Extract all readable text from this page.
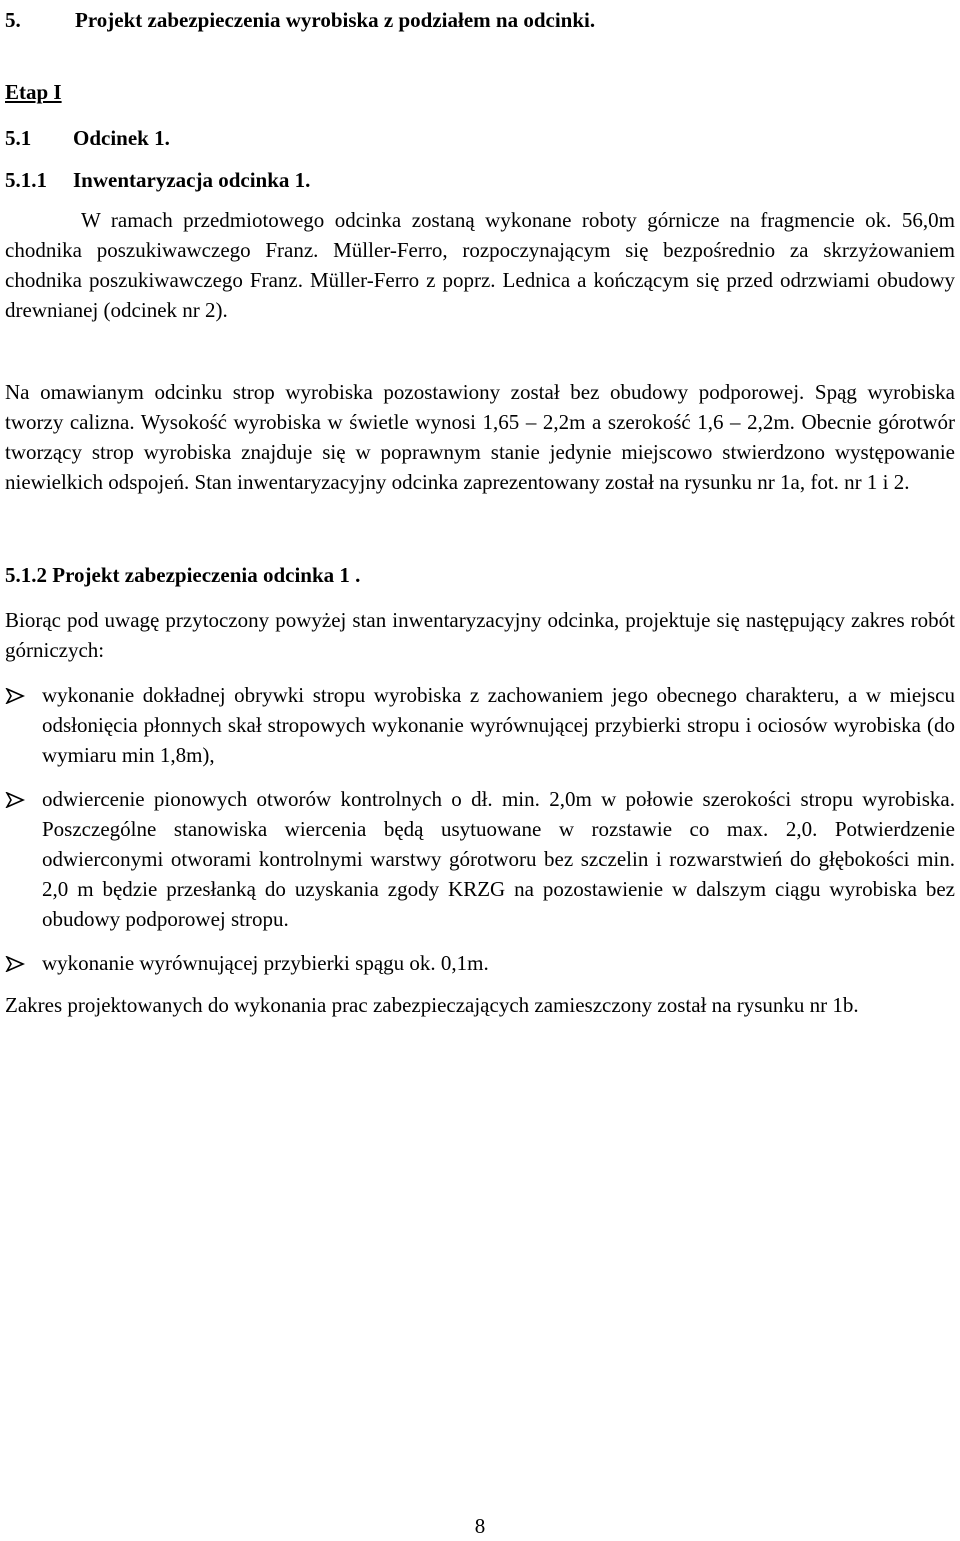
5.	Projekt zabezpieczenia wyrobiska z podziałem na odcinki.
Etap I
5.1 Odcinek 1.
5.1.1 Inwentaryzacja odcinka 1.

W ramach przedmiotowego odcinka zostaną wykonane roboty górnicze na fragmencie ok. 56,0m chodnika poszukiwawczego Franz. Müller-Ferro, rozpoczynającym się bezpośrednio za skrzyżowaniem chodnika poszukiwawczego Franz. Müller-Ferro z poprz. Lednica a kończącym się przed odrzwiami obudowy drewnianej (odcinek nr 2).

Na omawianym odcinku strop wyrobiska pozostawiony został bez obudowy podporowej. Spąg wyrobiska tworzy calizna. Wysokość wyrobiska w świetle wynosi 1,65 – 2,2m a szerokość 1,6 – 2,2m. Obecnie górotwór tworzący strop wyrobiska znajduje się w poprawnym stanie jedynie miejscowo stwierdzono występowanie niewielkich odspojeń. Stan inwentaryzacyjny odcinka zaprezentowany został na rysunku nr 1a, fot. nr 1 i 2.

5.1.2 Projekt zabezpieczenia odcinka 1 .

Biorąc pod uwagę przytoczony powyżej stan inwentaryzacyjny odcinka, projektuje się następujący zakres robót górniczych:

wykonanie dokładnej obrywki stropu wyrobiska z zachowaniem jego obecnego charakteru, a w miejscu odsłonięcia płonnych skał stropowych wykonanie wyrównującej przybierki stropu i ociosów wyrobiska (do wymiaru min 1,8m),
odwiercenie pionowych otworów kontrolnych o dł. min. 2,0m w połowie szerokości stropu wyrobiska. Poszczególne stanowiska wiercenia będą usytuowane w rozstawie co max. 2,0. Potwierdzenie odwierconymi otworami kontrolnymi warstwy górotworu bez szczelin i rozwarstwień do głębokości min. 2,0 m będzie przesłanką do uzyskania zgody KRZG na pozostawienie w dalszym ciągu wyrobiska bez obudowy podporowej stropu.
wykonanie wyrównującej przybierki spągu ok. 0,1m.

Zakres projektowanych do wykonania prac zabezpieczających zamieszczony został na rysunku nr 1b.

8
